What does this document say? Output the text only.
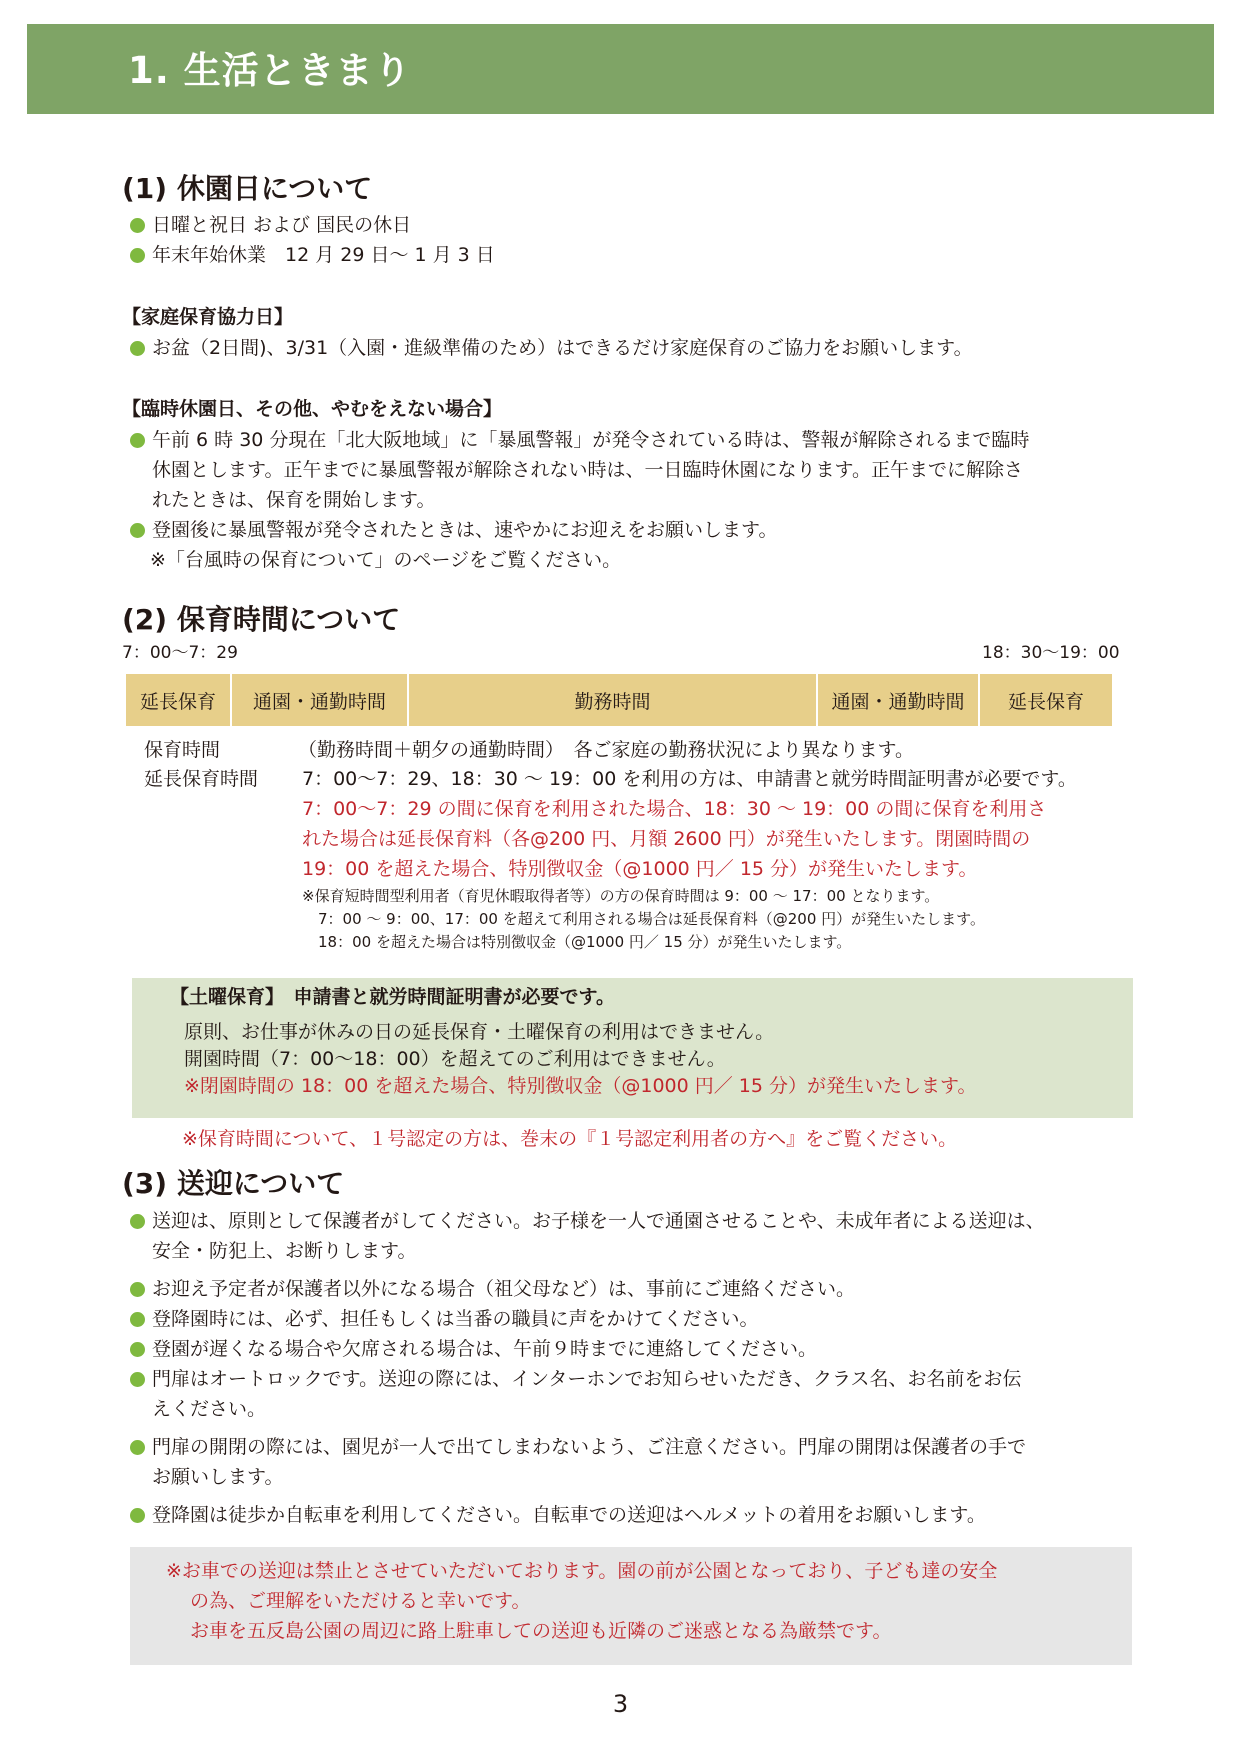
1. 生活ときまり
(1) 休園日について
日曜と祝日 および 国民の休日
年末年始休業　12 月 29 日～ 1 月 3 日
【家庭保育協力日】
お盆（2日間)、3/31（入園・進級準備のため）はできるだけ家庭保育のご協力をお願いします。
【臨時休園日、その他、やむをえない場合】
午前 6 時 30 分現在「北大阪地域」に「暴風警報」が発令されている時は、警報が解除されるまで臨時
休園とします。正午までに暴風警報が解除されない時は、一日臨時休園になります。正午までに解除さ
れたときは、保育を開始します。
登園後に暴風警報が発令されたときは、速やかにお迎えをお願いします。
※「台風時の保育について」のページをご覧ください。
(2) 保育時間について
7：00～7：29	18：30～19：00
延長保育	通園・通勤時間	勤務時間	通園・通勤時間	延長保育
保育時間	（勤務時間＋朝夕の通勤時間）　各ご家庭の勤務状況により異なります。
延長保育時間 7：00～7：29、18：30 ～ 19：00 を利用の方は、申請書と就労時間証明書が必要です。
7：00～7：29 の間に保育を利用された場合、18：30 ～ 19：00 の間に保育を利用さ
れた場合は延長保育料（各@200 円、月額 2600 円）が発生いたします。閉園時間の
19：00 を超えた場合、特別徴収金（@1000 円／ 15 分）が発生いたします。
※保育短時間型利用者（育児休暇取得者等）の方の保育時間は 9：00 ～ 17：00 となります。
7：00 ～ 9：00、17：00 を超えて利用される場合は延長保育料（@200 円）が発生いたします。
18：00 を超えた場合は特別徴収金（@1000 円／ 15 分）が発生いたします。
【土曜保育】　申請書と就労時間証明書が必要です。
原則、お仕事が休みの日の延長保育・土曜保育の利用はできません。
開園時間（7：00～18：00）を超えてのご利用はできません。
※閉園時間の 18：00 を超えた場合、特別徴収金（@1000 円／ 15 分）が発生いたします。
※保育時間について、１号認定の方は、巻末の『１号認定利用者の方へ』をご覧ください。
(3) 送迎について
送迎は、原則として保護者がしてください。お子様を一人で通園させることや、未成年者による送迎は、
安全・防犯上、お断りします。
お迎え予定者が保護者以外になる場合（祖父母など）は、事前にご連絡ください。
登降園時には、必ず、担任もしくは当番の職員に声をかけてください。
登園が遅くなる場合や欠席される場合は、午前９時までに連絡してください。
門扉はオートロックです。送迎の際には、インターホンでお知らせいただき、クラス名、お名前をお伝
えください。
門扉の開閉の際には、園児が一人で出てしまわないよう、ご注意ください。門扉の開閉は保護者の手で
お願いします。
登降園は徒歩か自転車を利用してください。自転車での送迎はヘルメットの着用をお願いします。
※お車での送迎は禁止とさせていただいております。園の前が公園となっており、子ども達の安全
の為、ご理解をいただけると幸いです。
お車を五反島公園の周辺に路上駐車しての送迎も近隣のご迷惑となる為厳禁です。
3
